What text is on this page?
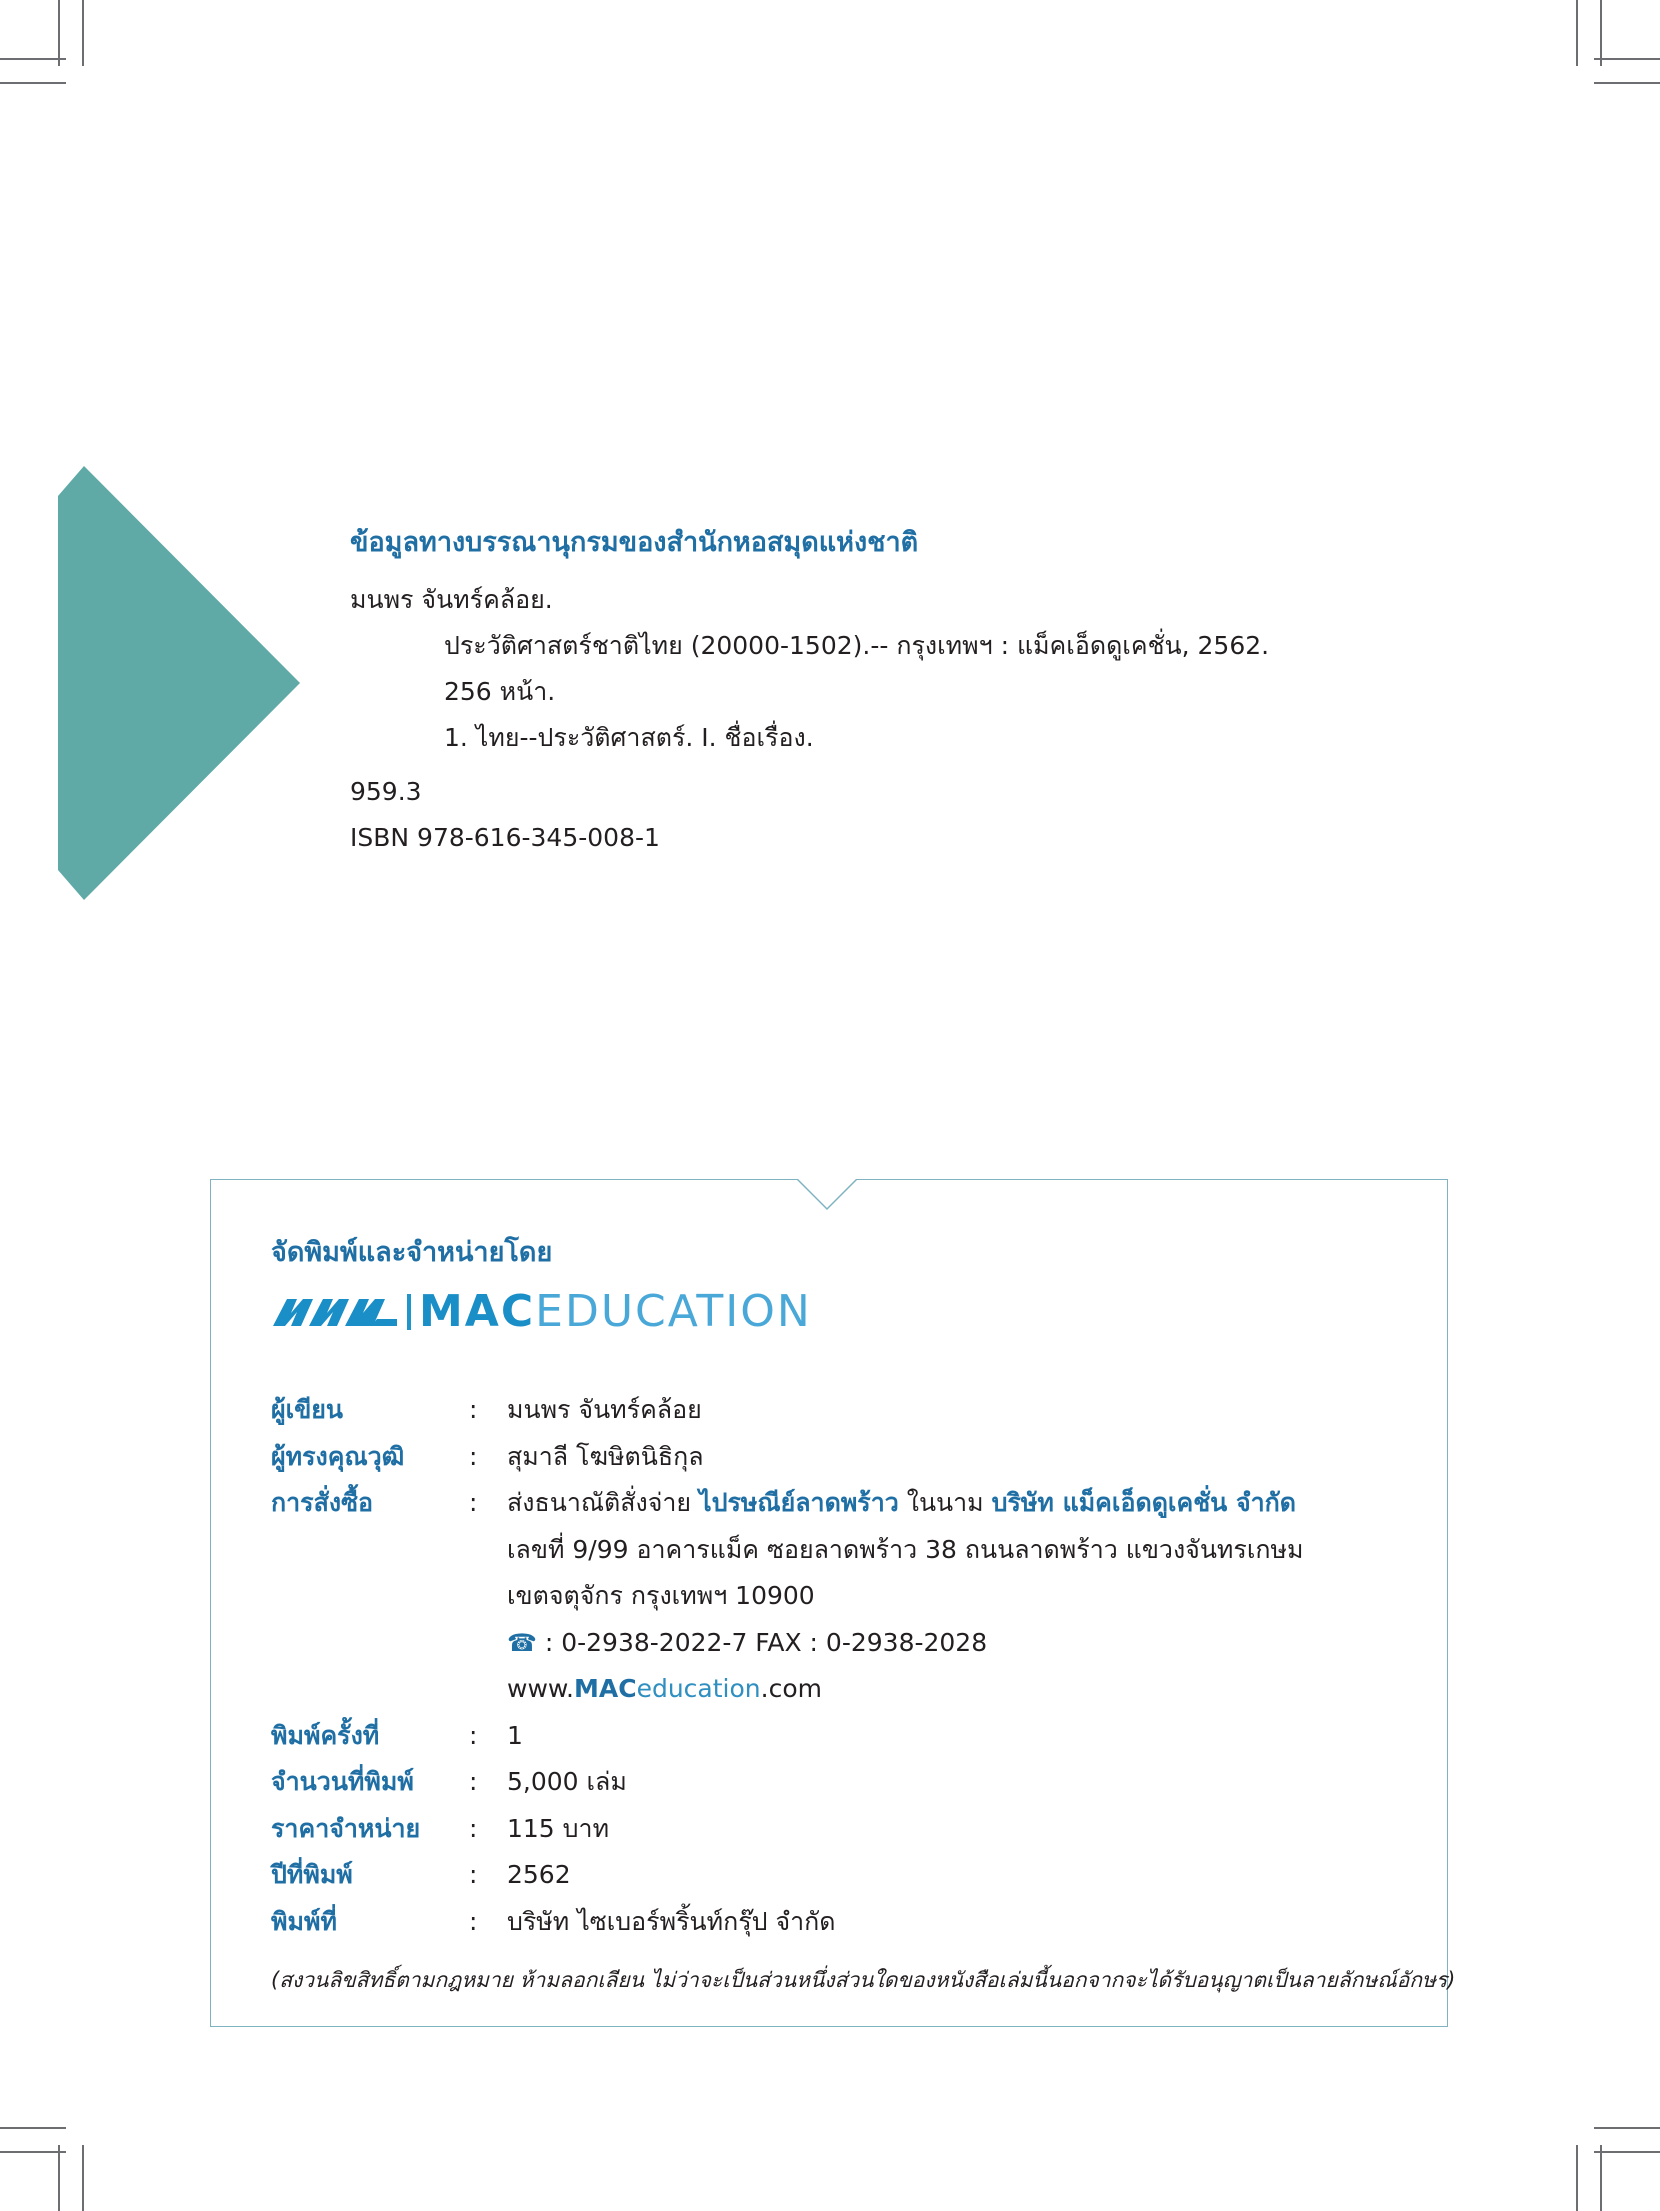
ข้อมูลทางบรรณานุกรมของสำนักหอสมุดแห่งชาติ

มนพร จันทร์คล้อย.

ประวัติศาสตร์ชาติไทย (20000-1502).-- กรุงเทพฯ : แม็คเอ็ดดูเคชั่น, 2562.

256 หน้า.

1. ไทย--ประวัติศาสตร์. I. ชื่อเรื่อง.

959.3

ISBN 978-616-345-008-1

จัดพิมพ์และจำหน่ายโดย

MACEDUCATION
ผู้เขียน	:	มนพร จันทร์คล้อย
ผู้ทรงคุณวุฒิ	:	สุมาลี โฆษิตนิธิกุล
การสั่งซื้อ	:	ส่งธนาณัติสั่งจ่าย ไปรษณีย์ลาดพร้าว ในนาม บริษัท แม็คเอ็ดดูเคชั่น จำกัด
เลขที่ 9/99 อาคารแม็ค ซอยลาดพร้าว 38 ถนนลาดพร้าว แขวงจันทรเกษม
เขตจตุจักร กรุงเทพฯ 10900
☎ : 0-2938-2022-7 FAX : 0-2938-2028
www.MACeducation.com
พิมพ์ครั้งที่	:	1
จำนวนที่พิมพ์	:	5,000 เล่ม
ราคาจำหน่าย	:	115 บาท
ปีที่พิมพ์	:	2562
พิมพ์ที่	:	บริษัท ไซเบอร์พริ้นท์กรุ๊ป จำกัด

(สงวนลิขสิทธิ์ตามกฎหมาย ห้ามลอกเลียน ไม่ว่าจะเป็นส่วนหนึ่งส่วนใดของหนังสือเล่มนี้นอกจากจะได้รับอนุญาตเป็นลายลักษณ์อักษร)
